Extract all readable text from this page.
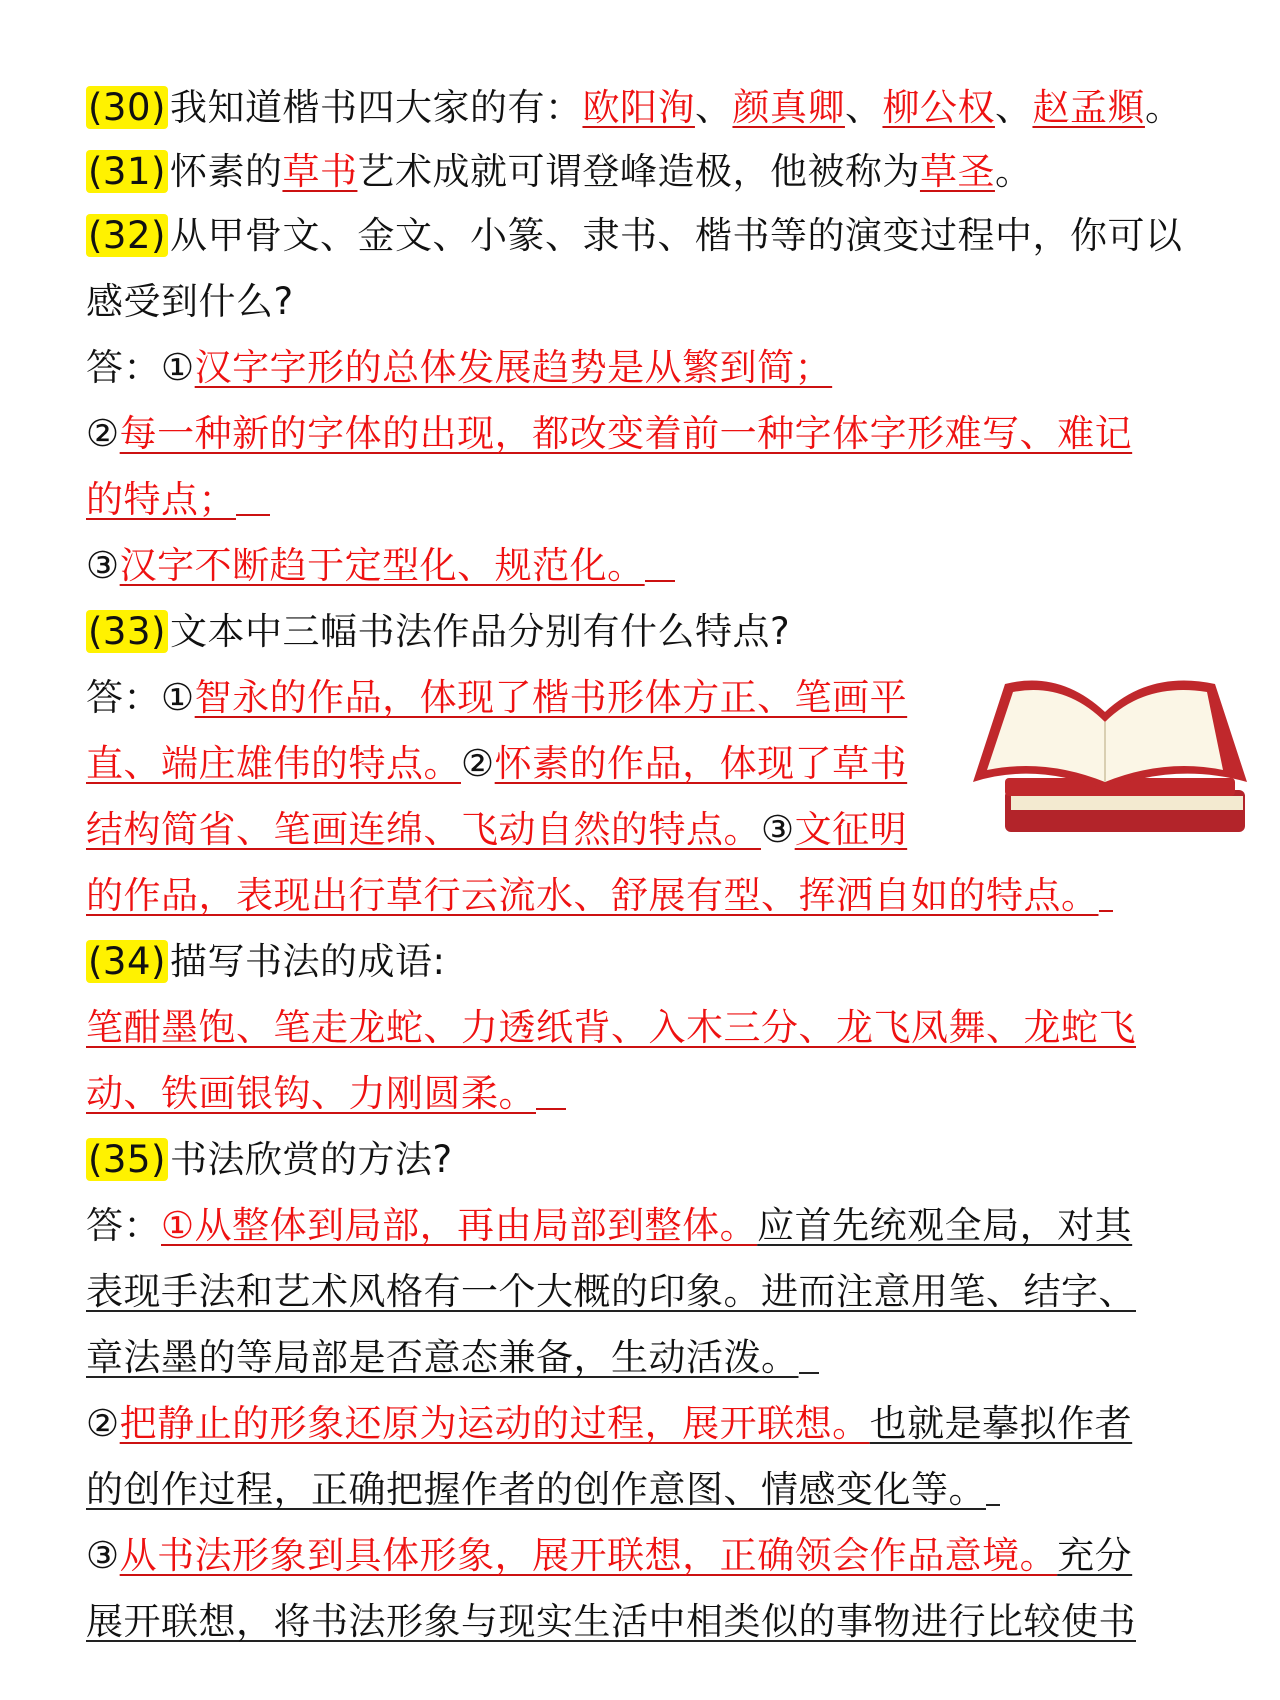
(30) 我知道楷书四大家的有：欧阳洵、颜真卿、柳公权、赵孟頫。
(31) 怀素的草书艺术成就可谓登峰造极，他被称为草圣。
(32) 从甲骨文、金文、小篆、隶书、楷书等的演变过程中，你可以
感受到什么?
答：①汉字字形的总体发展趋势是从繁到简；
②每一种新的字体的出现，都改变着前一种字体字形难写、难记
的特点；
③汉字不断趋于定型化、规范化。
(33) 文本中三幅书法作品分别有什么特点?
答：①智永的作品，体现了楷书形体方正、笔画平
直、端庄雄伟的特点。②怀素的作品，体现了草书
结构简省、笔画连绵、飞动自然的特点。③文征明
的作品，表现出行草行云流水、舒展有型、挥洒自如的特点。
(34) 描写书法的成语:
笔酣墨饱、笔走龙蛇、力透纸背、入木三分、龙飞凤舞、龙蛇飞
动、铁画银钩、力刚圆柔。
(35) 书法欣赏的方法?
答：①从整体到局部，再由局部到整体。应首先统观全局，对其
表现手法和艺术风格有一个大概的印象。进而注意用笔、结字、
章法墨的等局部是否意态兼备，生动活泼。
②把静止的形象还原为运动的过程，展开联想。也就是摹拟作者
的创作过程，正确把握作者的创作意图、情感变化等。
③从书法形象到具体形象，展开联想，正确领会作品意境。充分
展开联想，将书法形象与现实生活中相类似的事物进行比较使书
